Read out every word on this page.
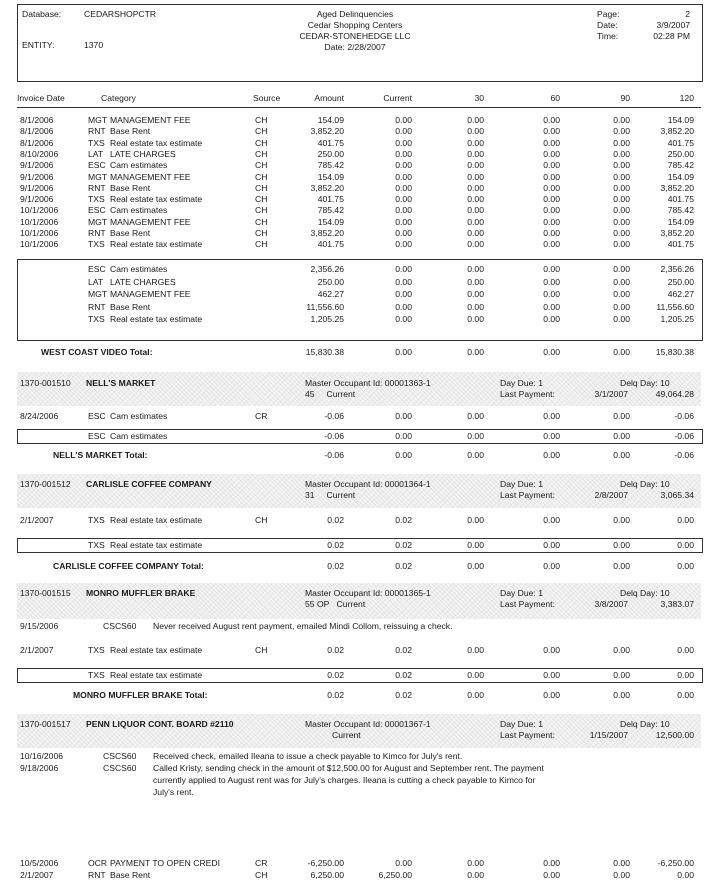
Database:	CEDARSHOPCTR
ENTITY:	1370
Aged Delinquencies
Cedar Shopping Centers
CEDAR-STONEHEDGE LLC
Date: 2/28/2007
Page:	2
Date:	3/9/2007
Time:	02:28 PM
Invoice Date	Category	Source	Amount	Current	30	60	90	120
8/1/2006	MGT MANAGEMENT FEE	CH	154.09	0.00	0.00	0.00	0.00	154.09
8/1/2006	RNT Base Rent	CH	3,852.20	0.00	0.00	0.00	0.00	3,852.20
8/1/2006	TXS Real estate tax estimate	CH	401.75	0.00	0.00	0.00	0.00	401.75
8/10/2006	LAT LATE CHARGES	CH	250.00	0.00	0.00	0.00	0.00	250.00
9/1/2006	ESC Cam estimates	CH	785.42	0.00	0.00	0.00	0.00	785.42
9/1/2006	MGT MANAGEMENT FEE	CH	154.09	0.00	0.00	0.00	0.00	154.09
9/1/2006	RNT Base Rent	CH	3,852.20	0.00	0.00	0.00	0.00	3,852.20
9/1/2006	TXS Real estate tax estimate	CH	401.75	0.00	0.00	0.00	0.00	401.75
10/1/2006	ESC Cam estimates	CH	785.42	0.00	0.00	0.00	0.00	785.42
10/1/2006	MGT MANAGEMENT FEE	CH	154.09	0.00	0.00	0.00	0.00	154.09
10/1/2006	RNT Base Rent	CH	3,852.20	0.00	0.00	0.00	0.00	3,852.20
10/1/2006	TXS Real estate tax estimate	CH	401.75	0.00	0.00	0.00	0.00	401.75
ESC Cam estimates	2,356.26	0.00	0.00	0.00	0.00	2,356.26
LAT LATE CHARGES	250.00	0.00	0.00	0.00	0.00	250.00
MGT MANAGEMENT FEE	462.27	0.00	0.00	0.00	0.00	462.27
RNT Base Rent	11,556.60	0.00	0.00	0.00	0.00	11,556.60
TXS Real estate tax estimate	1,205.25	0.00	0.00	0.00	0.00	1,205.25
WEST COAST VIDEO Total:	15,830.38	0.00	0.00	0.00	0.00	15,830.38
1370-001510 NELL'S MARKET	Master Occupant Id: 00001363-1
45 Current
Day Due: 1	Delq Day: 10
Last Payment:	3/1/2007	49,064.28
8/24/2006	ESC Cam estimates	CR	-0.06	0.00	0.00	0.00	0.00	-0.06
ESC Cam estimates	-0.06	0.00	0.00	0.00	0.00	-0.06
NELL'S MARKET Total:	-0.06	0.00	0.00	0.00	0.00	-0.06
1370-001512 CARLISLE COFFEE COMPANY	Master Occupant Id: 00001364-1
31 Current
Day Due: 1	Delq Day: 10
Last Payment:	2/8/2007	3,065.34
2/1/2007	TXS Real estate tax estimate	CH	0.02	0.02	0.00	0.00	0.00	0.00
TXS Real estate tax estimate	0.02	0.02	0.00	0.00	0.00	0.00
CARLISLE COFFEE COMPANY Total:	0.02	0.02	0.00	0.00	0.00	0.00
1370-001515 MONRO MUFFLER BRAKE	Master Occupant Id: 00001365-1
55 OP Current
Day Due: 1	Delq Day: 10
Last Payment:	3/8/2007	3,383.07
9/15/2006	CSCS60 Never received August rent payment, emailed Mindi Collom, reissuing a check.
2/1/2007	TXS Real estate tax estimate	CH	0.02	0.02	0.00	0.00	0.00	0.00
TXS Real estate tax estimate	0.02	0.02	0.00	0.00	0.00	0.00
MONRO MUFFLER BRAKE Total:	0.02	0.02	0.00	0.00	0.00	0.00
1370-001517 PENN LIQUOR CONT. BOARD #2110	Master Occupant Id: 00001367-1
Current
Day Due: 1	Delq Day: 10
Last Payment:	1/15/2007	12,500.00
10/16/2006	CSCS60 Received check, emailed Ileana to issue a check payable to Kimco for July's rent.
9/18/2006	CSCS60 Called Kristy, sending check in the amount of $12,500.00 for August and September rent. The payment
currently applied to August rent was for July's charges. Ileana is cutting a check payable to Kimco for
July's rent.
10/5/2006	OCR PAYMENT TO OPEN CREDI	CR	-6,250.00	0.00	0.00	0.00	0.00	-6,250.00
2/1/2007	RNT Base Rent	CH	6,250.00	6,250.00	0.00	0.00	0.00	0.00
